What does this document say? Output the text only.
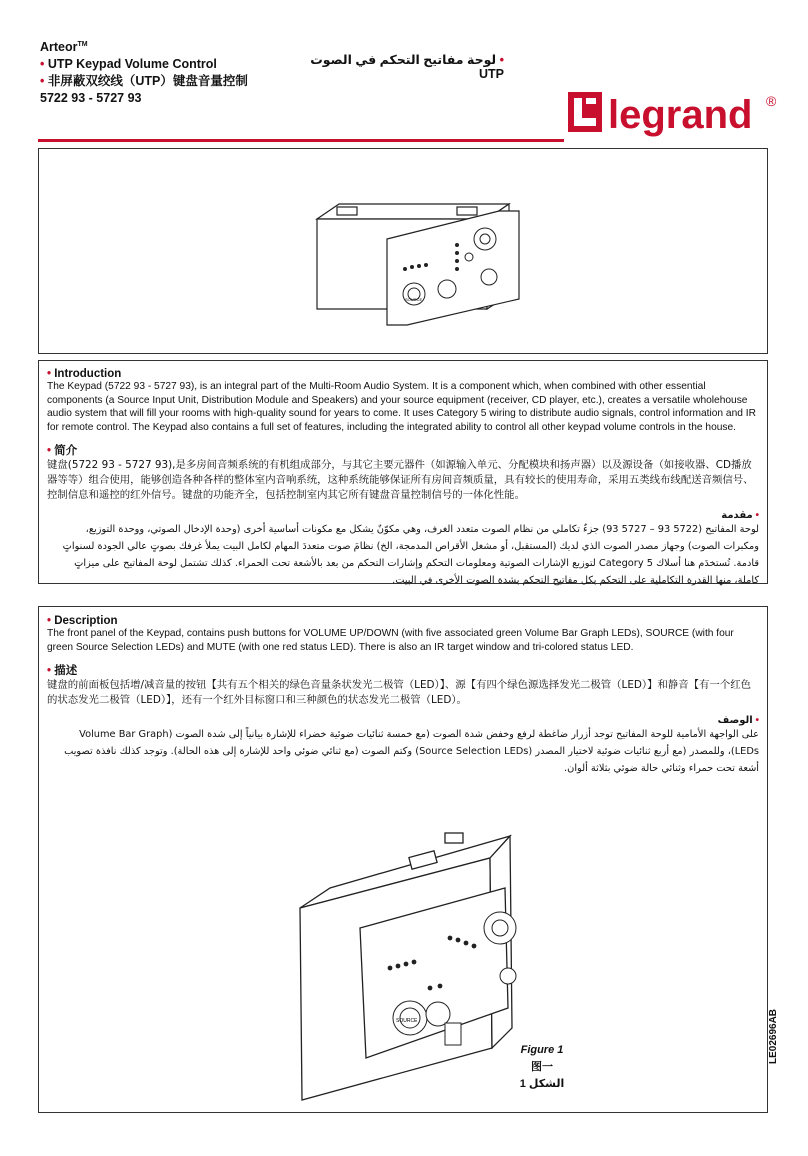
Arteor™
• UTP Keypad Volume Control
• 非屏蔽双绞线（UTP）键盘音量控制
5722 93 - 5727 93
• لوحة مفاتيح التحكم في الصوت UTP
legrand ®
SOURCE

• Introduction

The Keypad (5722 93 - 5727 93), is an integral part of the Multi-Room Audio System. It is a component which, when combined with other essential components (a Source Input Unit, Distribution Module and Speakers) and your source equipment (receiver, CD player, etc.), creates a versatile wholehouse audio system that will fill your rooms with high-quality sound for years to come. It uses Category 5 wiring to distribute audio signals, control information and IR for remote control. The Keypad also contains a full set of features, including the integrated ability to control all other keypad volume controls in the house.

• 简介

键盘(5722 93 - 5727 93),是多房间音频系统的有机组成部分，与其它主要元器件（如源输入单元、分配模块和扬声器）以及源设备（如接收器、CD播放器等等）组合使用，能够创造各种各样的整体室内音响系统，这种系统能够保证所有房间音频质量，具有较长的使用寿命，采用五类线布线配送音频信号、控制信息和遥控的红外信号。键盘的功能齐全，包括控制室内其它所有键盘音量控制信号的一体化性能。

• مقدمة

لوحة المفاتيح (5722 93 – 5727 93) جزءٌ تكاملي من نظام الصوت متعدد الغرف، وهي مكوّنٌ يشكل مع مكونات أساسية أخرى (وحدة الإدخال الصوتي، ووحدة التوزيع، ومكبرات الصوت) وجهاز مصدر الصوت الذي لديك (المستقبل، أو مشغل الأقراص المدمجة، الخ) نظامَ صوت متعددَ المهام لكامل البيت يملأ غرفك بصوتٍ عالي الجودة لسنواتٍ قادمة. تُستخدَم هنا أسلاك Category 5 لتوزيع الإشارات الصوتية ومعلومات التحكم وإشارات التحكم من بعد بالأشعة تحت الحمراء. كذلك تشتمل لوحة المفاتيح على ميزاتٍ كاملة، منها القدرة التكاملية على التحكم بكل مفاتيح التحكم بشدة الصوت الأخرى في البيت.

• Description

The front panel of the Keypad, contains push buttons for VOLUME UP/DOWN (with five associated green Volume Bar Graph LEDs), SOURCE (with four green Source Selection LEDs) and MUTE (with one red status LED). There is also an IR target window and tri-colored status LED.

• 描述

键盘的前面板包括增/减音量的按钮【共有五个相关的绿色音量条状发光二极管（LED）】、源【有四个绿色源选择发光二极管（LED）】和静音【有一个红色的状态发光二极管（LED）】，还有一个红外目标窗口和三种颜色的状态发光二极管（LED）。

• الوصف

على الواجهة الأمامية للوحة المفاتيح توجد أزرار ضاغطة لرفع وخفض شدة الصوت (مع خمسة ثنائيات ضوئية خضراء للإشارة بيانياً إلى شدة الصوت (Volume Bar Graph LEDs)، وللمصدر (مع أربع ثنائيات ضوئية لاختيار المصدر (Source Selection LEDs) وكتم الصوت (مع ثنائي ضوئي واحد للإشارة إلى هذه الحالة). وتوجد كذلك نافذة تصويب أشعة تحت حمراء وثنائي حالة ضوئي بثلاثة ألوان.

SOURCE
Figure 1
图一
الشكل 1
LE02696AB
